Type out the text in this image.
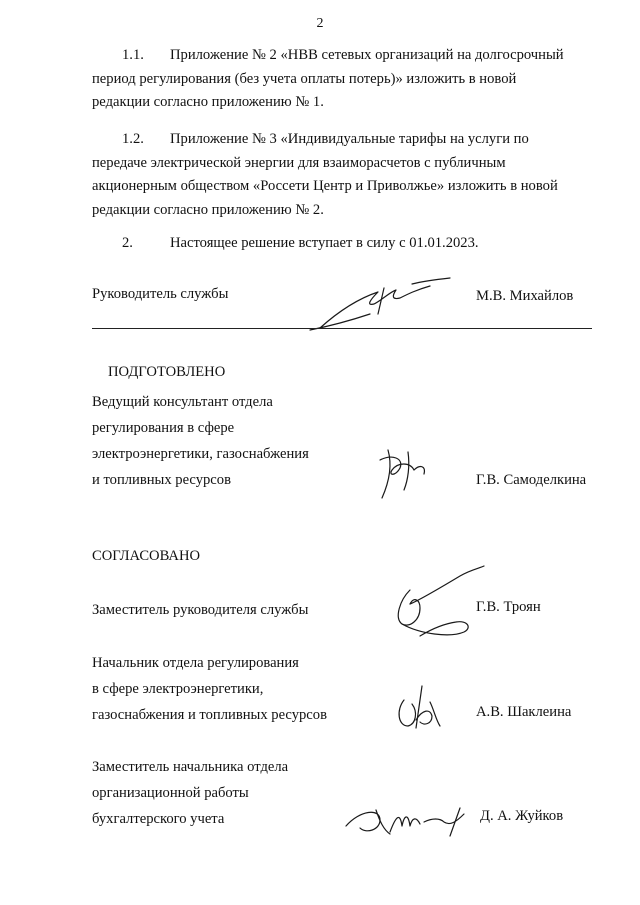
2
1.1. Приложение № 2 «НВВ сетевых организаций на долгосрочный
период регулирования (без учета оплаты потерь)» изложить в новой
редакции согласно приложению № 1.
1.2. Приложение № 3 «Индивидуальные тарифы на услуги по
передаче электрической энергии для взаиморасчетов с публичным
акционерным обществом «Россети Центр и Приволжье» изложить в новой
редакции согласно приложению № 2.
2.	Настоящее решение вступает в силу с 01.01.2023.
Руководитель службы	М.В. Михайлов
ПОДГОТОВЛЕНО
Ведущий консультант отдела
регулирования в сфере
электроэнергетики, газоснабжения
и топливных ресурсов	Г.В. Самоделкина
СОГЛАСОВАНО
Заместитель руководителя службы	Г.В. Троян
Начальник отдела регулирования
в сфере электроэнергетики,
газоснабжения и топливных ресурсов	А.В. Шаклеина
Заместитель начальника отдела
организационной работы
бухгалтерского учета	Д. А. Жуйков
